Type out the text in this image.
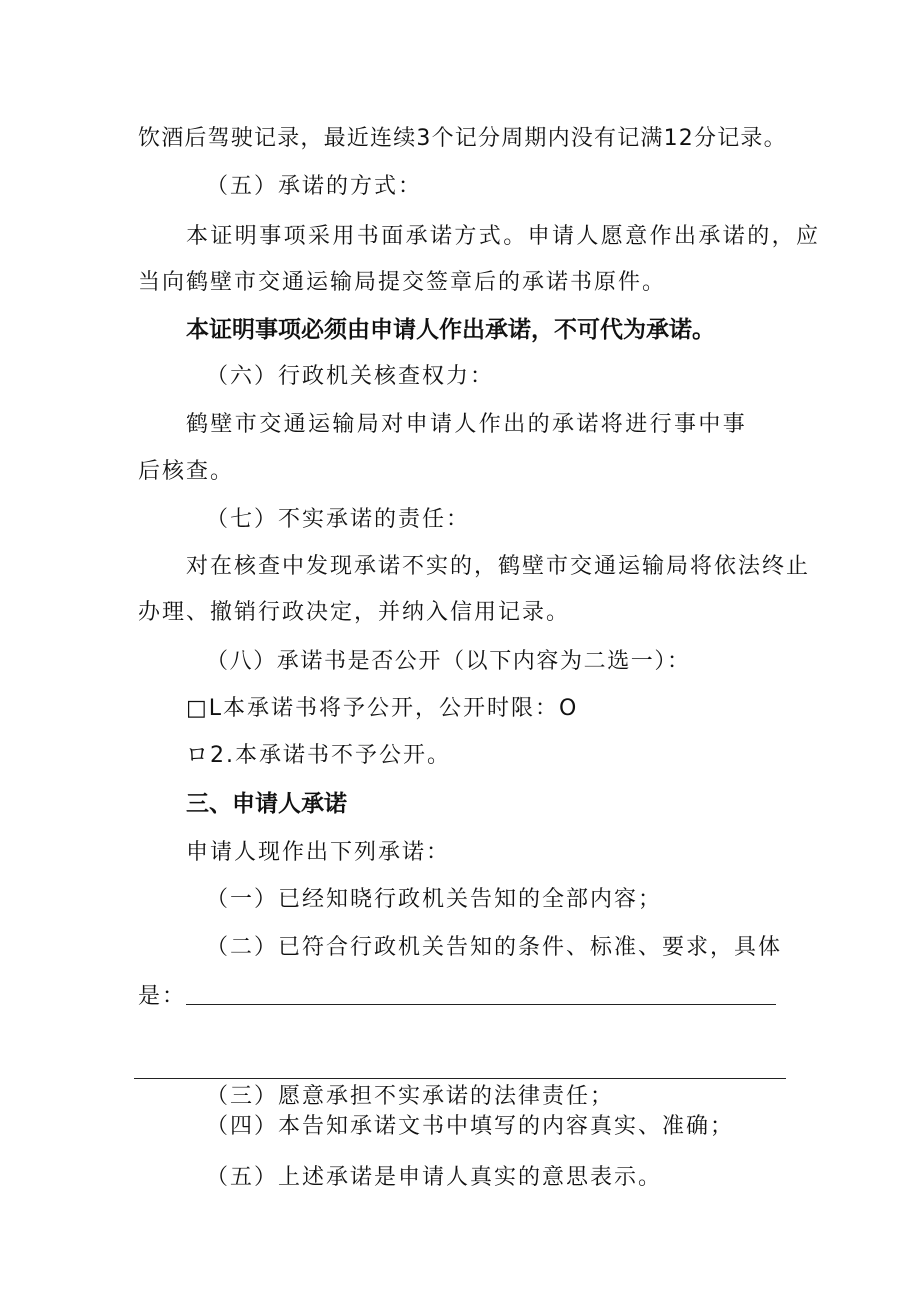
饮酒后驾驶记录，最近连续3个记分周期内没有记满12分记录。
（五）承诺的方式：
本证明事项采用书面承诺方式。申请人愿意作出承诺的，应
当向鹤壁市交通运输局提交签章后的承诺书原件。
本证明事项必须由申请人作出承诺，不可代为承诺。
（六）行政机关核查权力：
鹤壁市交通运输局对申请人作出的承诺将进行事中事
后核查。
（七）不实承诺的责任：
对在核查中发现承诺不实的，鹤壁市交通运输局将依法终止
办理、撤销行政决定，并纳入信用记录。
（八）承诺书是否公开（以下内容为二选一）：
□L本承诺书将予公开，公开时限：O
ロ2.本承诺书不予公开。
三、申请人承诺
申请人现作出下列承诺：
（一）已经知晓行政机关告知的全部内容；
（二）已符合行政机关告知的条件、标准、要求，具体
是：
（三）愿意承担不实承诺的法律责任；
（四）本告知承诺文书中填写的内容真实、准确；
（五）上述承诺是申请人真实的意思表示。
